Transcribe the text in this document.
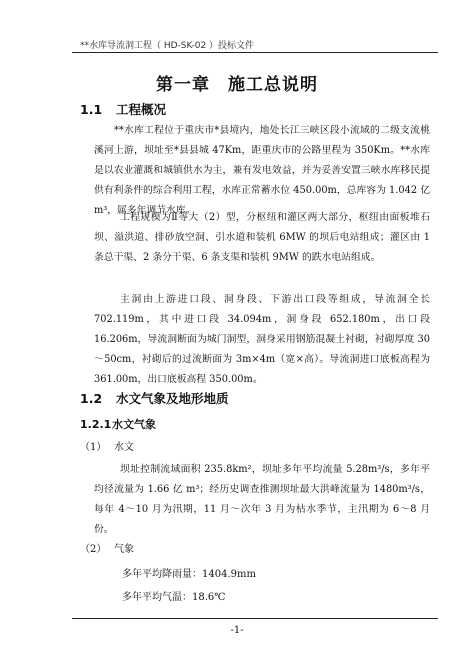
**水库导流洞工程（ HD-SK-02 ）投标文件
第一章　施工总说明
1.1 工程概况
**水库工程位于重庆市*县境内，地处长江三峡区段小流域的二级支流桃溪河上游，坝址至*县县城 47Km，距重庆市的公路里程为 350Km。**水库是以农业灌溉和城镇供水为主，兼有发电效益，并为妥善安置三峡水库移民提供有利条件的综合利用工程，水库正常蓄水位 450.00m，总库容为 1.042 亿 m³，属多年调节水库。
工程规模为Ⅱ等大（2）型，分枢纽和灌区两大部分，枢纽由面板堆石坝、溢洪道、排砂放空洞、引水道和装机 6MW 的坝后电站组成；灌区由 1 条总干渠、2 条分干渠、6 条支渠和装机 9MW 的跌水电站组成。
主洞由上游进口段、洞身段、下游出口段等组成，导流洞全长 702.119m，其中进口段 34.094m，洞身段 652.180m，出口段 16.206m，导流洞断面为城门洞型，洞身采用钢筋混凝土衬砌，衬砌厚度 30～50cm，衬砌后的过流断面为 3m×4m（宽×高）。导流洞进口底板高程为 361.00m，出口底板高程 350.00m。
1.2 水文气象及地形地质
1.2.1水文气象
（1） 水文
坝址控制流域面积 235.8km²，坝址多年平均流量 5.28m³/s，多年平均径流量为 1.66 亿 m³；经历史调查推测坝址最大洪峰流量为 1480m³/s，每年 4～10 月为汛期，11 月～次年 3 月为枯水季节，主汛期为 6～8 月份。
（2） 气象
多年平均降雨量：1404.9mm
多年平均气温：18.6℃
-1-
